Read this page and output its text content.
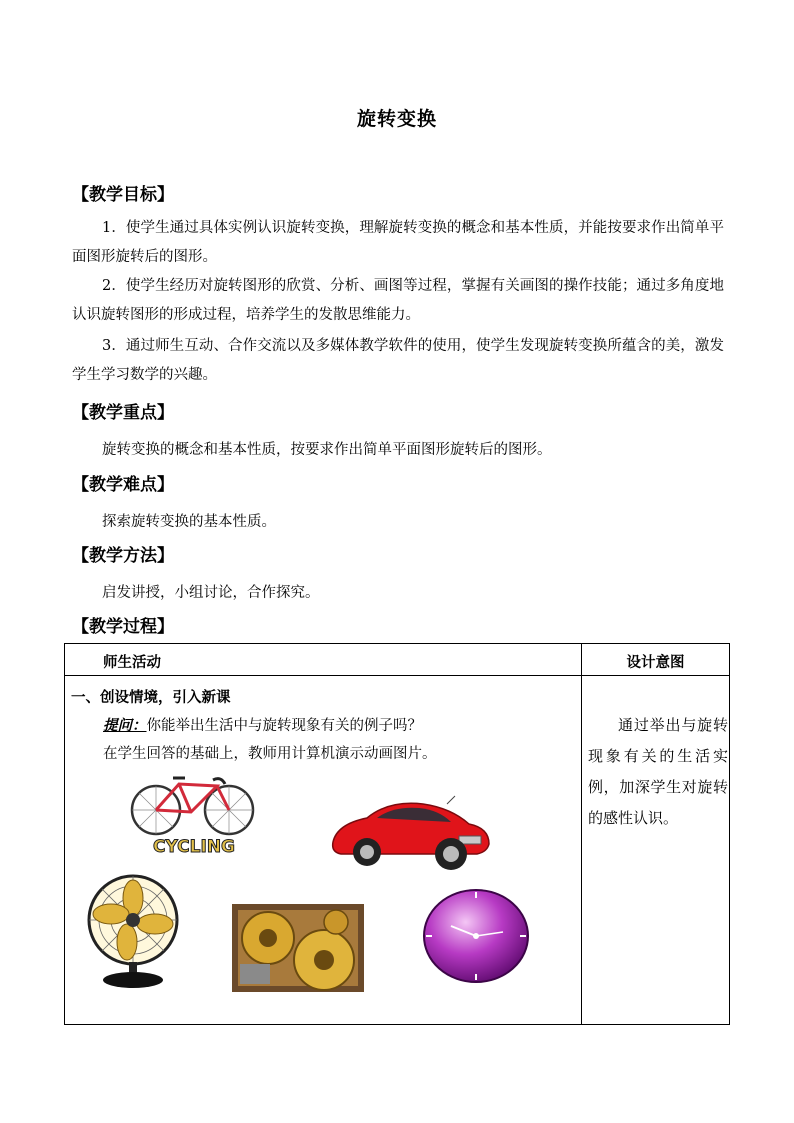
旋转变换
【教学目标】

1．使学生通过具体实例认识旋转变换，理解旋转变换的概念和基本性质，并能按要求作出简单平面图形旋转后的图形。

2．使学生经历对旋转图形的欣赏、分析、画图等过程，掌握有关画图的操作技能；通过多角度地认识旋转图形的形成过程，培养学生的发散思维能力。

3．通过师生互动、合作交流以及多媒体教学软件的使用，使学生发现旋转变换所蕴含的美，激发学生学习数学的兴趣。

【教学重点】
旋转变换的概念和基本性质，按要求作出简单平面图形旋转后的图形。
【教学难点】
探索旋转变换的基本性质。
【教学方法】
启发讲授，小组讨论，合作探究。
【教学过程】
师生活动	设计意图

一、创设情境，引入新课
提问：你能举出生活中与旋转现象有关的例子吗？
在学生回答的基础上，教师用计算机演示动画图片。
CYCLING	通过举出与旋转现象有关的生活实例，加深学生对旋转的感性认识。
